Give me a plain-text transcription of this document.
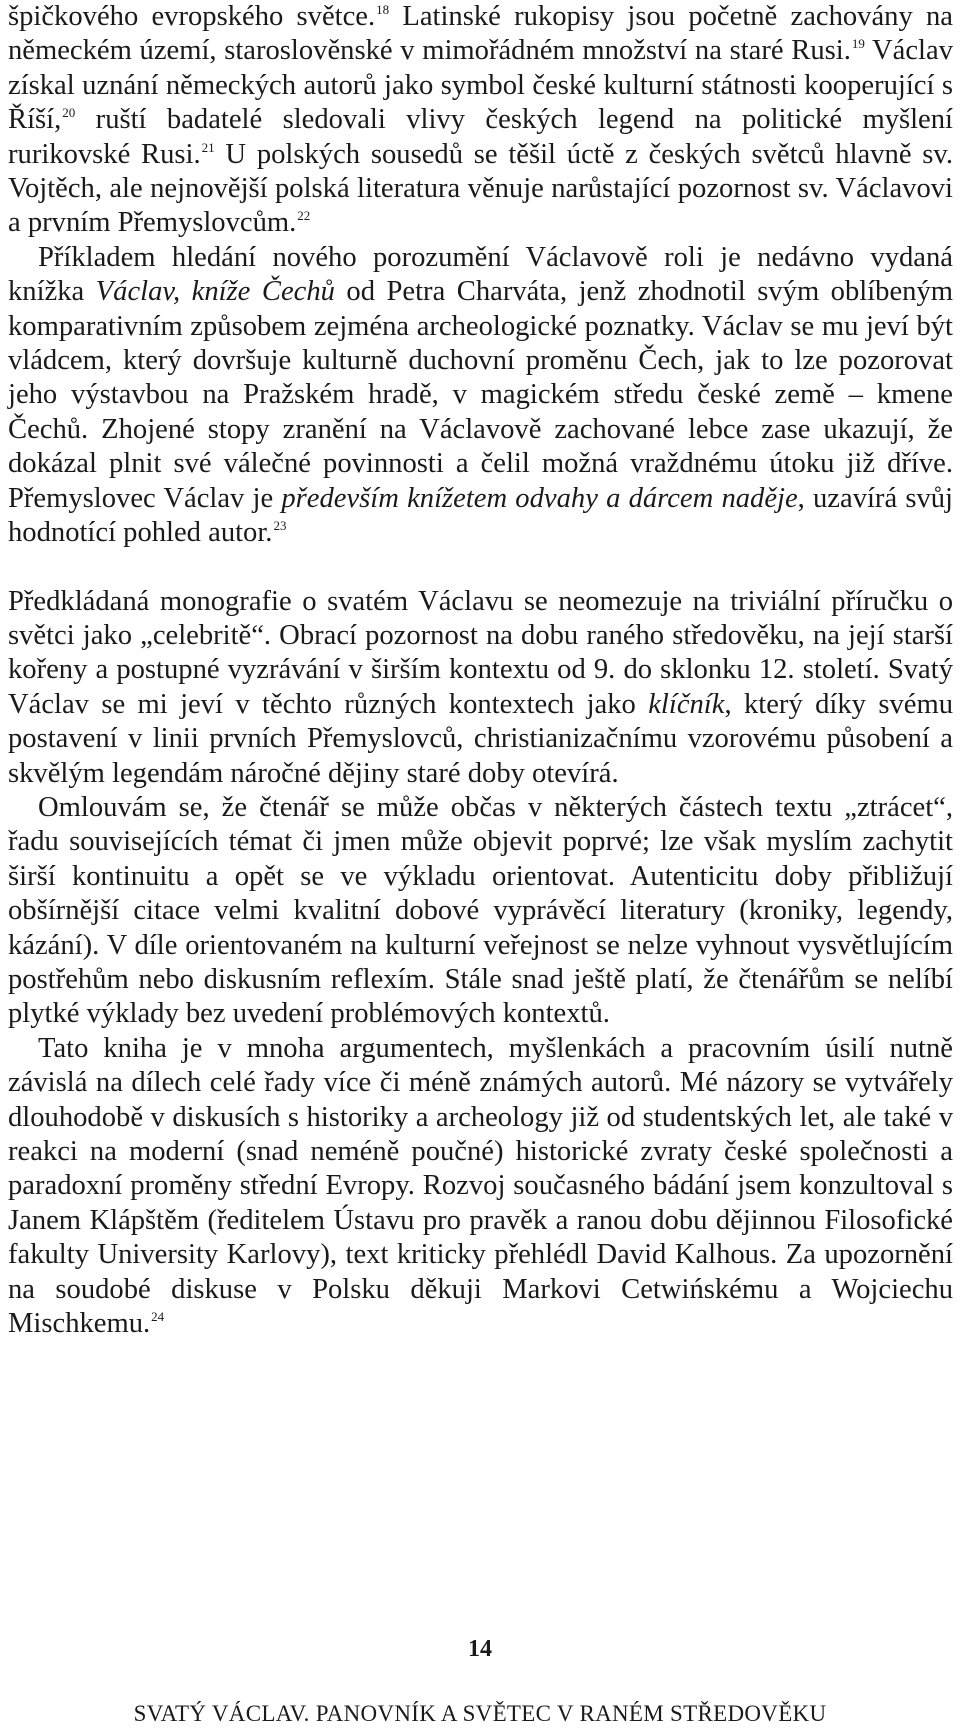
špičkového evropského světce.$^{18}$ Latinské rukopisy jsou početně zachovány na německém území, staroslověnské v mimořádném množství na staré Rusi.$^{19}$ Václav získal uznání německých autorů jako symbol české kulturní státnosti kooperující s Říší,$^{20}$ ruští badatelé sledovali vlivy českých legend na politické myšlení rurikovské Rusi.$^{21}$ U polských sousedů se těšil úctě z českých světců hlavně sv. Vojtěch, ale nejnovější polská literatura věnuje narůstající pozornost sv. Václavovi a prvním Přemyslovcům.$^{22}$

Příkladem hledání nového porozumění Václavově roli je nedávno vydaná knížka Václav, kníže Čechů od Petra Charváta, jenž zhodnotil svým oblíbeným komparativním způsobem zejména archeologické poznatky. Václav se mu jeví být vládcem, který dovršuje kulturně duchovní proměnu Čech, jak to lze pozorovat jeho výstavbou na Pražském hradě, v magickém středu české země – kmene Čechů. Zhojené stopy zranění na Václavově zachované lebce zase ukazují, že dokázal plnit své válečné povinnosti a čelil možná vraždnému útoku již dříve. Přemyslovec Václav je především knížetem odvahy a dárcem naděje, uzavírá svůj hodnotící pohled autor.$^{23}$

Předkládaná monografie o svatém Václavu se neomezuje na triviální příručku o světci jako „celebritě“. Obrací pozornost na dobu raného středověku, na její starší kořeny a postupné vyzrávání v širším kontextu od 9. do sklonku 12. století. Svatý Václav se mi jeví v těchto různých kontextech jako klíčník, který díky svému postavení v linii prvních Přemyslovců, christianizačnímu vzorovému působení a skvělým legendám náročné dějiny staré doby otevírá.

Omlouvám se, že čtenář se může občas v některých částech textu „ztrácet“, řadu souvisejících témat či jmen může objevit poprvé; lze však myslím zachytit širší kontinuitu a opět se ve výkladu orientovat. Autenticitu doby přibližují obšírnější citace velmi kvalitní dobové vyprávěcí literatury (kroniky, legendy, kázání). V díle orientovaném na kulturní veřejnost se nelze vyhnout vysvětlujícím postřehům nebo diskusním reflexím. Stále snad ještě platí, že čtenářům se nelíbí plytké výklady bez uvedení problémových kontextů.

Tato kniha je v mnoha argumentech, myšlenkách a pracovním úsilí nutně závislá na dílech celé řady více či méně známých autorů. Mé názory se vytvářely dlouhodobě v diskusích s historiky a archeology již od studentských let, ale také v reakci na moderní (snad neméně poučné) historické zvraty české společnosti a paradoxní proměny střední Evropy. Rozvoj současného bádání jsem konzultoval s Janem Klápštěm (ředitelem Ústavu pro pravěk a ranou dobu dějinnou Filosofické fakulty University Karlovy), text kriticky přehlédl David Kalhous. Za upozornění na soudobé diskuse v Polsku děkuji Markovi Cetwińskému a Wojciechu Mischkemu.$^{24}$

14
SVATÝ VÁCLAV. PANOVNÍK A SVĚTEC V RANÉM STŘEDOVĚKU
